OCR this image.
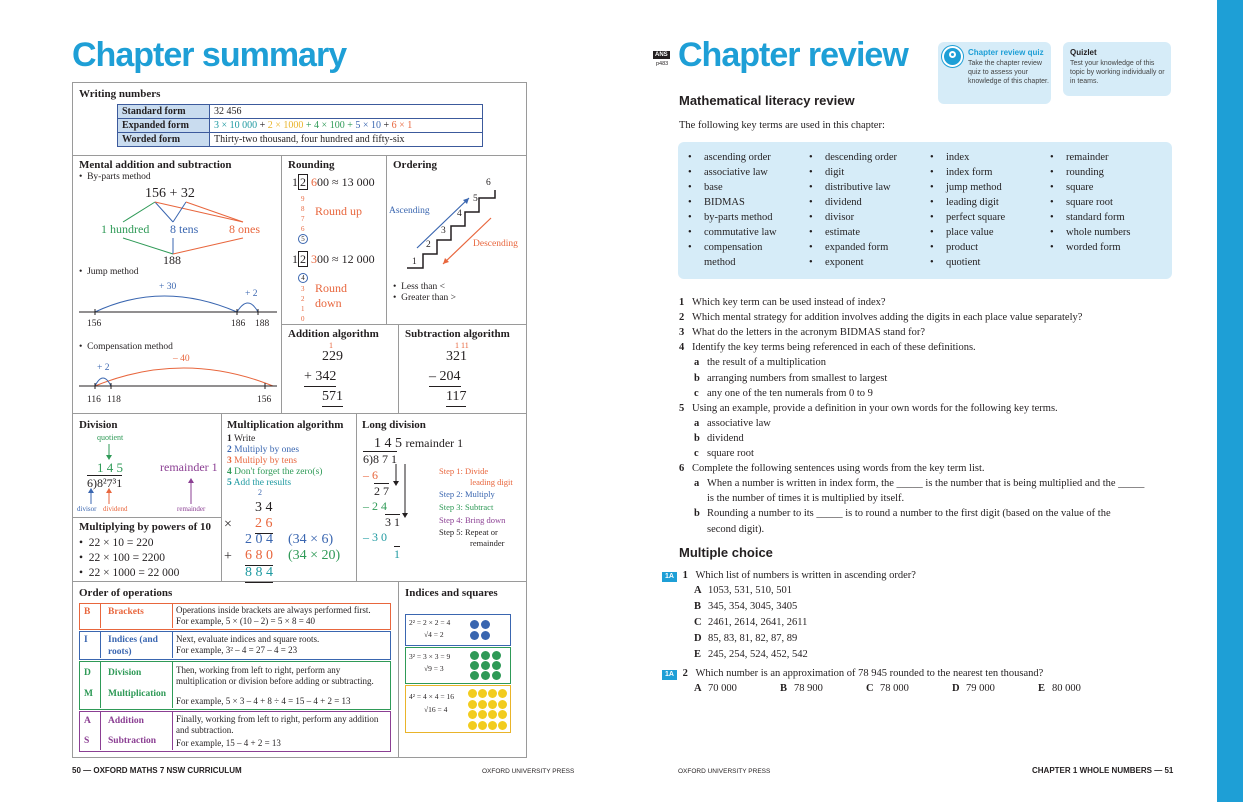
Chapter summary
Writing numbers
Standard form	32 456
Expanded form	3 × 10 000 + 2 × 1000 + 4 × 100 + 5 × 10 + 6 × 1
Worded form	Thirty-two thousand, four hundred and fifty-six
Mental addition and subtraction
•  By-parts method
156 + 32
1 hundred 8 tens	8 ones
188
•  Jump method
+ 30
+ 2
156	186 188
•  Compensation method
– 40
+ 2
116 118	156
Rounding
1 2 600 ≈ 13 000
9
8
7
6
5
Round up
1 2 300 ≈ 12 000
4
3
2
1
0
Round down
Ordering
1
2
3
4
5
6
Ascending
Descending
•  Less than <
•  Greater than >
Addition algorithm
1
229
+ 342
571
Subtraction algorithm
1 11
321
– 204
117
Division
quotient
1 4 5	remainder 1
6)8²7³1
divisor dividend	remainder
Multiplying by powers of 10
•  22 × 10 = 220
•  22 × 100 = 2200
•  22 × 1000 = 22 000
Multiplication algorithm
1 Write
2 Multiply by ones
3 Multiply by tens
4 Don't forget the zero(s)
5 Add the results
2
3 4
× 2 6
2 0 4 (34 × 6)
+ 6 8 0 (34 × 20)
8 8 4
Long division
1 4 5 remainder 1
6)8 7 1
– 6
2 7
– 2 4
3 1
– 3 0
1
Step 1: Divide
leading digit
Step 2: Multiply
Step 3: Subtract
Step 4: Bring down
Step 5: Repeat or
remainder
Order of operations
B Brackets	Operations inside brackets are always performed first.
For example, 5 × (10 – 2) = 5 × 8 = 40
I Indices (and roots)
Next, evaluate indices and square roots.
For example, 3² – 4 = 27 – 4 = 23
D Division
M Multiplication
Then, working from left to right, perform any multiplication or division before adding or subtracting.
For example, 5 × 3 – 4 + 8 ÷ 4 = 15 – 4 + 2 = 13
A Addition
S Subtraction
Finally, working from left to right, perform any addition and subtraction.
For example, 15 – 4 + 2 = 13
Indices and squares
2² = 2 × 2 = 4
√4 = 2
3² = 3 × 3 = 9
√9 = 3
4² = 4 × 4 = 16
√16 = 4
50 — OXFORD MATHS 7 NSW CURRICULUM	OXFORD UNIVERSITY PRESS
ANS
p483 Chapter review	Chapter review quiz
Take the chapter review quiz to assess your knowledge of this chapter.
Quizlet
Test your knowledge of this topic by working individually or in teams.
Mathematical literacy review
The following key terms are used in this chapter:
• ascending order
• associative law
• base
• BIDMAS
• by-parts method
• commutative law
• compensation
method
• descending order
• digit
• distributive law
• dividend
• divisor
• estimate
• expanded form
• exponent
• index
• index form
• jump method
• leading digit
• perfect square
• place value
• product
• quotient
• remainder
• rounding
• square
• square root
• standard form
• whole numbers
• worded form
1 Which key term can be used instead of index?
2 Which mental strategy for addition involves adding the digits in each place value separately?
3 What do the letters in the acronym BIDMAS stand for?
4 Identify the key terms being referenced in each of these definitions.
a the result of a multiplication
b arranging numbers from smallest to largest
c any one of the ten numerals from 0 to 9
5 Using an example, provide a definition in your own words for the following key terms.
a associative law
b dividend
c square root
6 Complete the following sentences using words from the key term list.
a When a number is written in index form, the _____ is the number that is being multiplied and the _____
is the number of times it is multiplied by itself.
b Rounding a number to its _____ is to round a number to the first digit (based on the value of the
second digit).
Multiple choice
1A 1 Which list of numbers is written in ascending order?
A 1053, 531, 510, 501
B 345, 354, 3045, 3405
C 2461, 2614, 2641, 2611
D 85, 83, 81, 82, 87, 89
E 245, 254, 524, 452, 542
1A 2 Which number is an approximation of 78 945 rounded to the nearest ten thousand?
A 70 000	B 78 900	C 78 000	D 79 000	E 80 000
OXFORD UNIVERSITY PRESS	CHAPTER 1 WHOLE NUMBERS — 51
